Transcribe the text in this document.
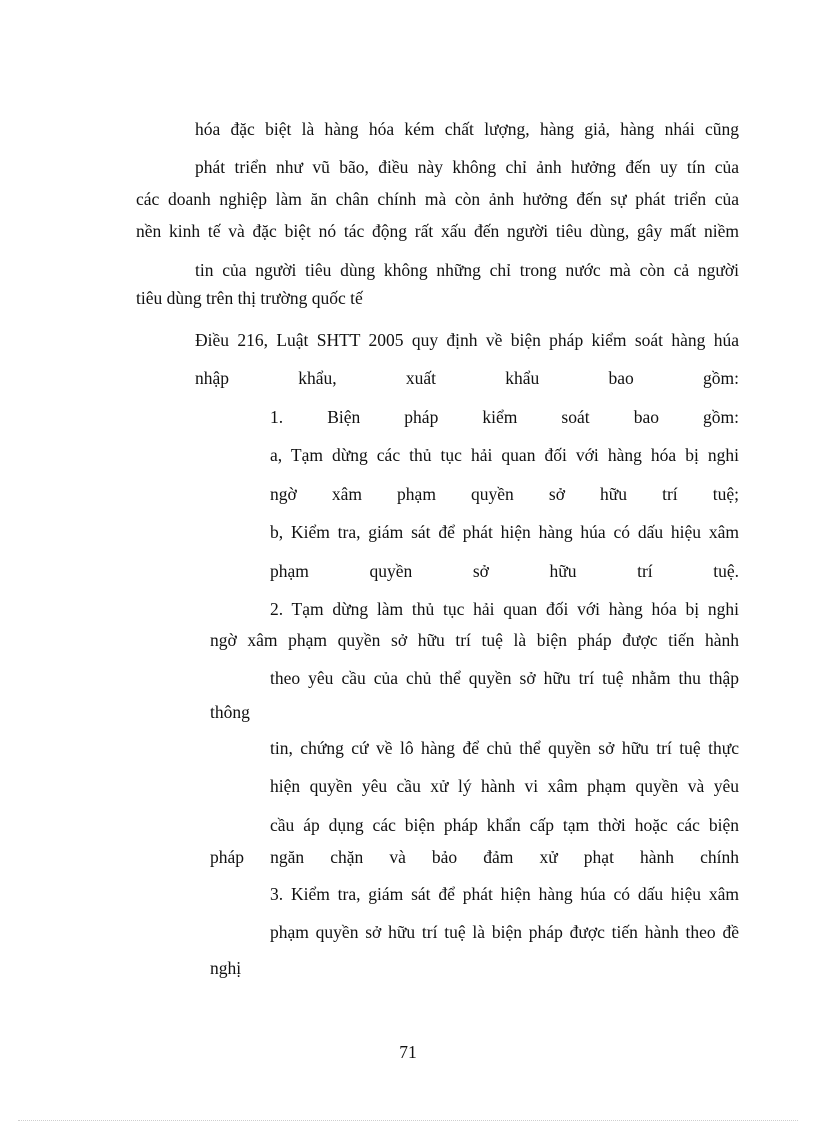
hóa đặc biệt là hàng hóa kém chất lượng, hàng giả, hàng nhái cũng
phát triển như vũ bão, điều này không chỉ ảnh hưởng đến uy tín của
các doanh nghiệp làm ăn chân chính mà còn ảnh hưởng đến sự phát triển của
nền kinh tế và đặc biệt nó tác động rất xấu đến người tiêu dùng, gây mất niềm
tin của người tiêu dùng không những chỉ trong nước mà còn cả người
tiêu dùng trên thị trường quốc tế
Điều 216, Luật SHTT 2005 quy định về biện pháp kiểm soát hàng húa
nhập khẩu, xuất khẩu bao gồm:
1. Biện pháp kiểm soát bao gồm:
a, Tạm dừng các thủ tục hải quan đối với hàng hóa bị nghi
ngờ xâm phạm quyền sở hữu trí tuệ;
b, Kiểm tra, giám sát để phát hiện hàng húa có dấu hiệu xâm
phạm quyền sở hữu trí tuệ.
2. Tạm dừng làm thủ tục hải quan đối với hàng hóa bị nghi
ngờ xâm phạm quyền sở hữu trí tuệ là biện pháp được tiến hành
theo yêu cầu của chủ thể quyền sở hữu trí tuệ nhằm thu thập
thông
tin, chứng cứ về lô hàng để chủ thể quyền sở hữu trí tuệ thực
hiện quyền yêu cầu xử lý hành vi xâm phạm quyền và yêu
cầu áp dụng các biện pháp khẩn cấp tạm thời hoặc các biện
pháp ngăn chặn và bảo đảm xử phạt hành chính
3. Kiểm tra, giám sát để phát hiện hàng húa có dấu hiệu xâm
phạm quyền sở hữu trí tuệ là biện pháp được tiến hành theo đề
nghị
71
